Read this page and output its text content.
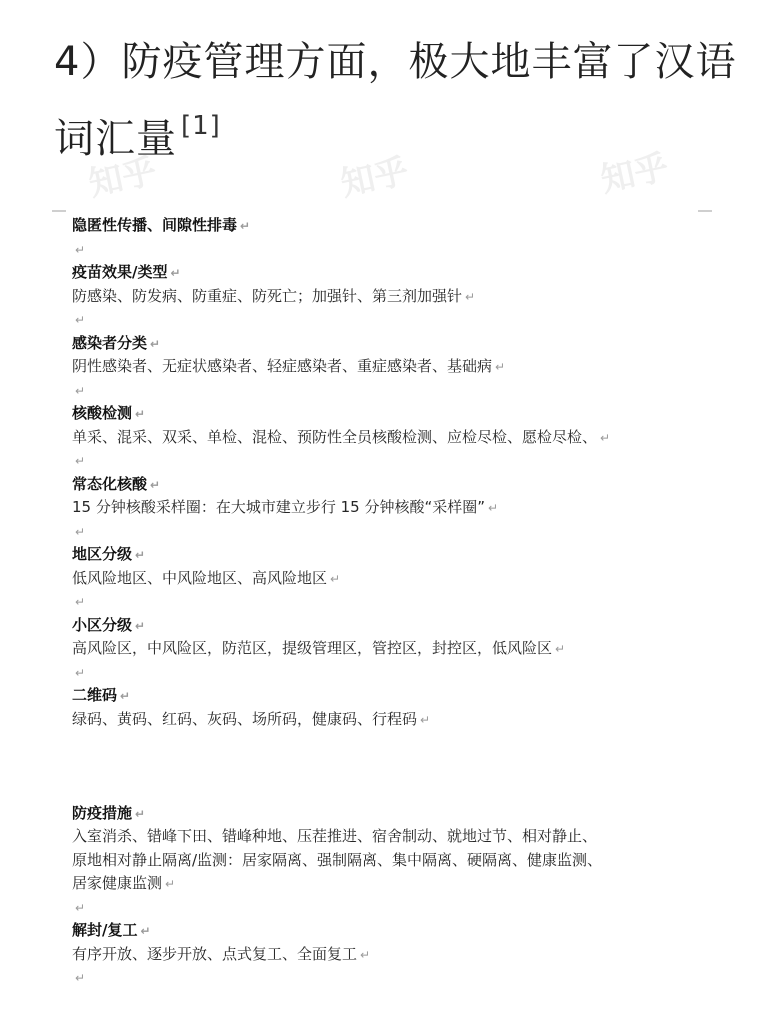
4）防疫管理方面，极大地丰富了汉语
词汇量 [1]
知乎	知乎	知乎
隐匿性传播、间隙性排毒 ↵
↵
疫苗效果/类型 ↵
防感染、防发病、防重症、防死亡；加强针、第三剂加强针 ↵
↵
感染者分类 ↵
阴性感染者、无症状感染者、轻症感染者、重症感染者、基础病 ↵
↵
核酸检测 ↵
单采、混采、双采、单检、混检、预防性全员核酸检测、应检尽检、愿检尽检、 ↵
↵
常态化核酸 ↵
15 分钟核酸采样圈：在大城市建立步行 15 分钟核酸“采样圈” ↵
↵
地区分级 ↵
低风险地区、中风险地区、高风险地区 ↵
↵
小区分级 ↵
高风险区，中风险区，防范区，提级管理区，管控区，封控区，低风险区 ↵
↵
二维码 ↵
绿码、黄码、红码、灰码、场所码，健康码、行程码 ↵
防疫措施 ↵
入室消杀、错峰下田、错峰种地、压茬推进、宿舍制动、就地过节、相对静止、
原地相对静止隔离/监测：居家隔离、强制隔离、集中隔离、硬隔离、健康监测、
居家健康监测 ↵
↵
解封/复工 ↵
有序开放、逐步开放、点式复工、全面复工 ↵
↵
